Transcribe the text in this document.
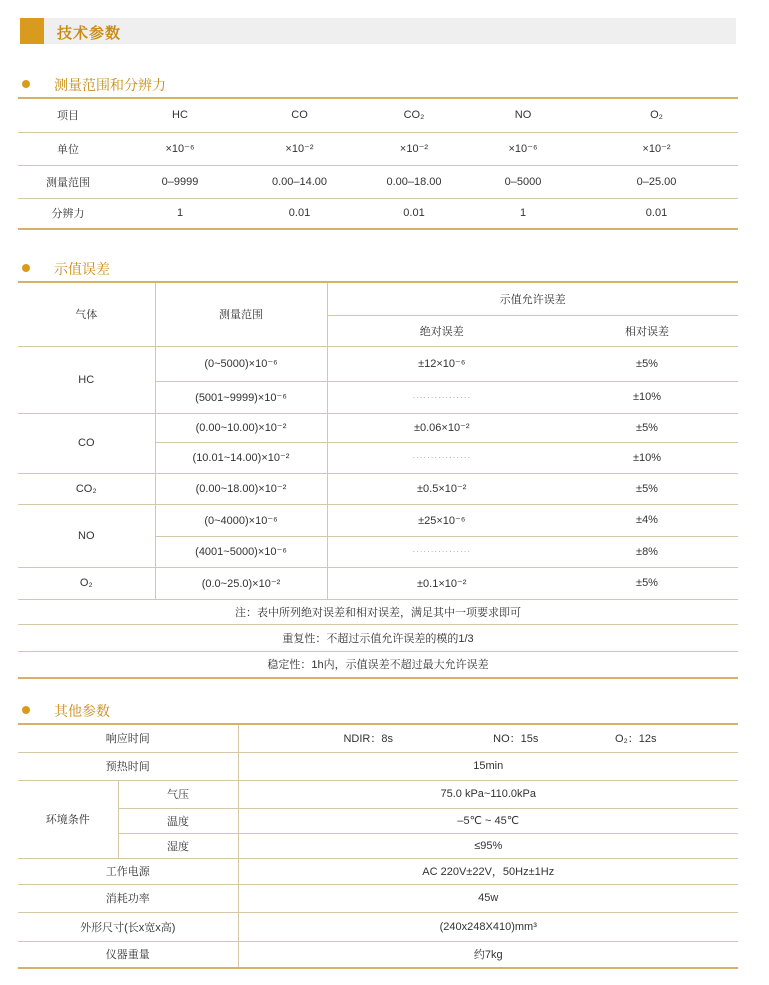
技术参数
测量范围和分辨力
项目	HC	CO	CO₂	NO	O₂
单位	×10⁻⁶	×10⁻²	×10⁻²	×10⁻⁶	×10⁻²
测量范围	0–9999	0.00–14.00	0.00–18.00	0–5000	0–25.00
分辨力	1	0.01	0.01	1	0.01
示值误差
气体	测量范围	示值允许误差	
		绝对误差	相对误差
HC	(0~5000)×10⁻⁶	±12×10⁻⁶	±5%
	(5001~9999)×10⁻⁶	················	±10%
CO	(0.00~10.00)×10⁻²	±0.06×10⁻²	±5%
	(10.01~14.00)×10⁻²	················	±10%
CO₂	(0.00~18.00)×10⁻²	±0.5×10⁻²	±5%
NO	(0~4000)×10⁻⁶	±25×10⁻⁶	±4%
	(4001~5000)×10⁻⁶	················	±8%
O₂	(0.0~25.0)×10⁻²	±0.1×10⁻²	±5%
注：表中所列绝对误差和相对误差，满足其中一项要求即可			
重复性：不超过示值允许误差的模的1/3			
稳定性：1h内，示值误差不超过最大允许误差			
其他参数
响应时间		NDIR：8s NO：15s O₂：12s
预热时间		15min
环境条件	气压	75.0 kPa~110.0kPa
	温度	–5℃ ~ 45℃
	湿度	≤95%
工作电源		AC 220V±22V，50Hz±1Hz
消耗功率		45w
外形尺寸(长x宽x高)		(240x248X410)mm³
仪器重量		约7kg
